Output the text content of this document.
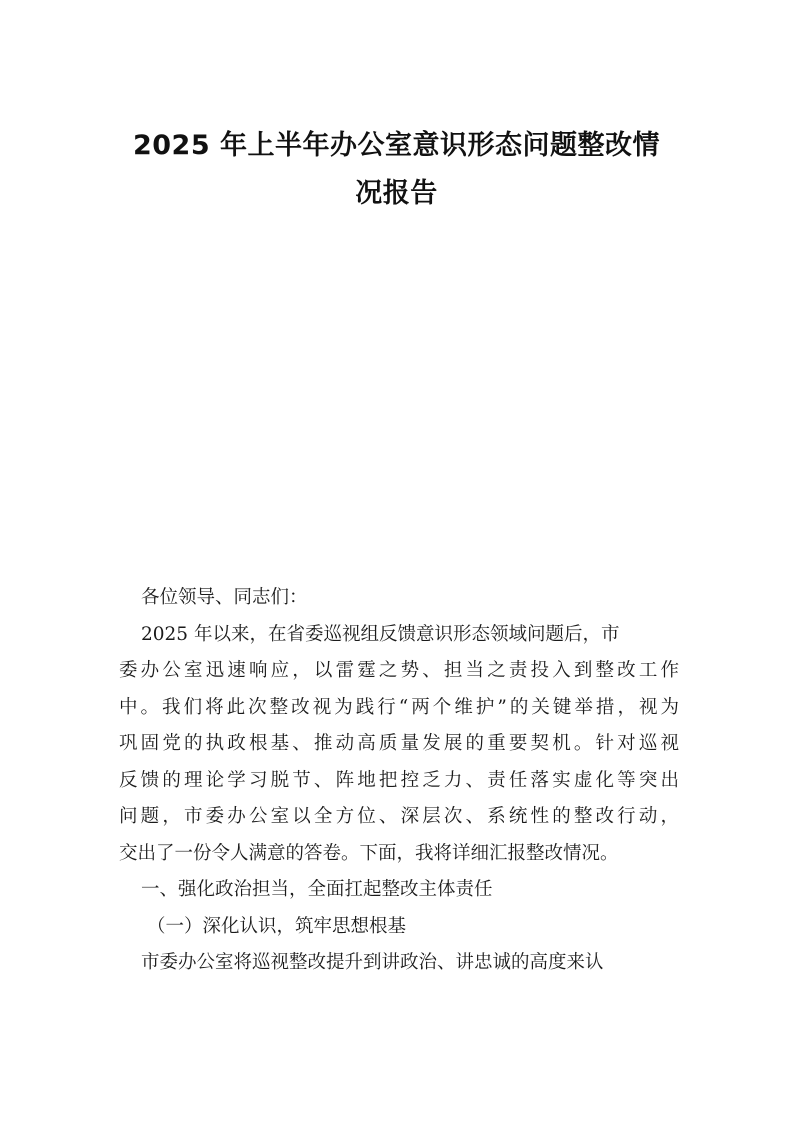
2025 年上半年办公室意识形态问题整改情
况报告
各位领导、同志们：
2025 年以来，在省委巡视组反馈意识形态领域问题后，市
委办公室迅速响应，以雷霆之势、担当之责投入到整改工作
中。我们将此次整改视为践行“两个维护”的关键举措，视为
巩固党的执政根基、推动高质量发展的重要契机。针对巡视
反馈的理论学习脱节、阵地把控乏力、责任落实虚化等突出
问题，市委办公室以全方位、深层次、系统性的整改行动，
交出了一份令人满意的答卷。下面，我将详细汇报整改情况。
一、强化政治担当，全面扛起整改主体责任
（一）深化认识，筑牢思想根基
市委办公室将巡视整改提升到讲政治、讲忠诚的高度来认
